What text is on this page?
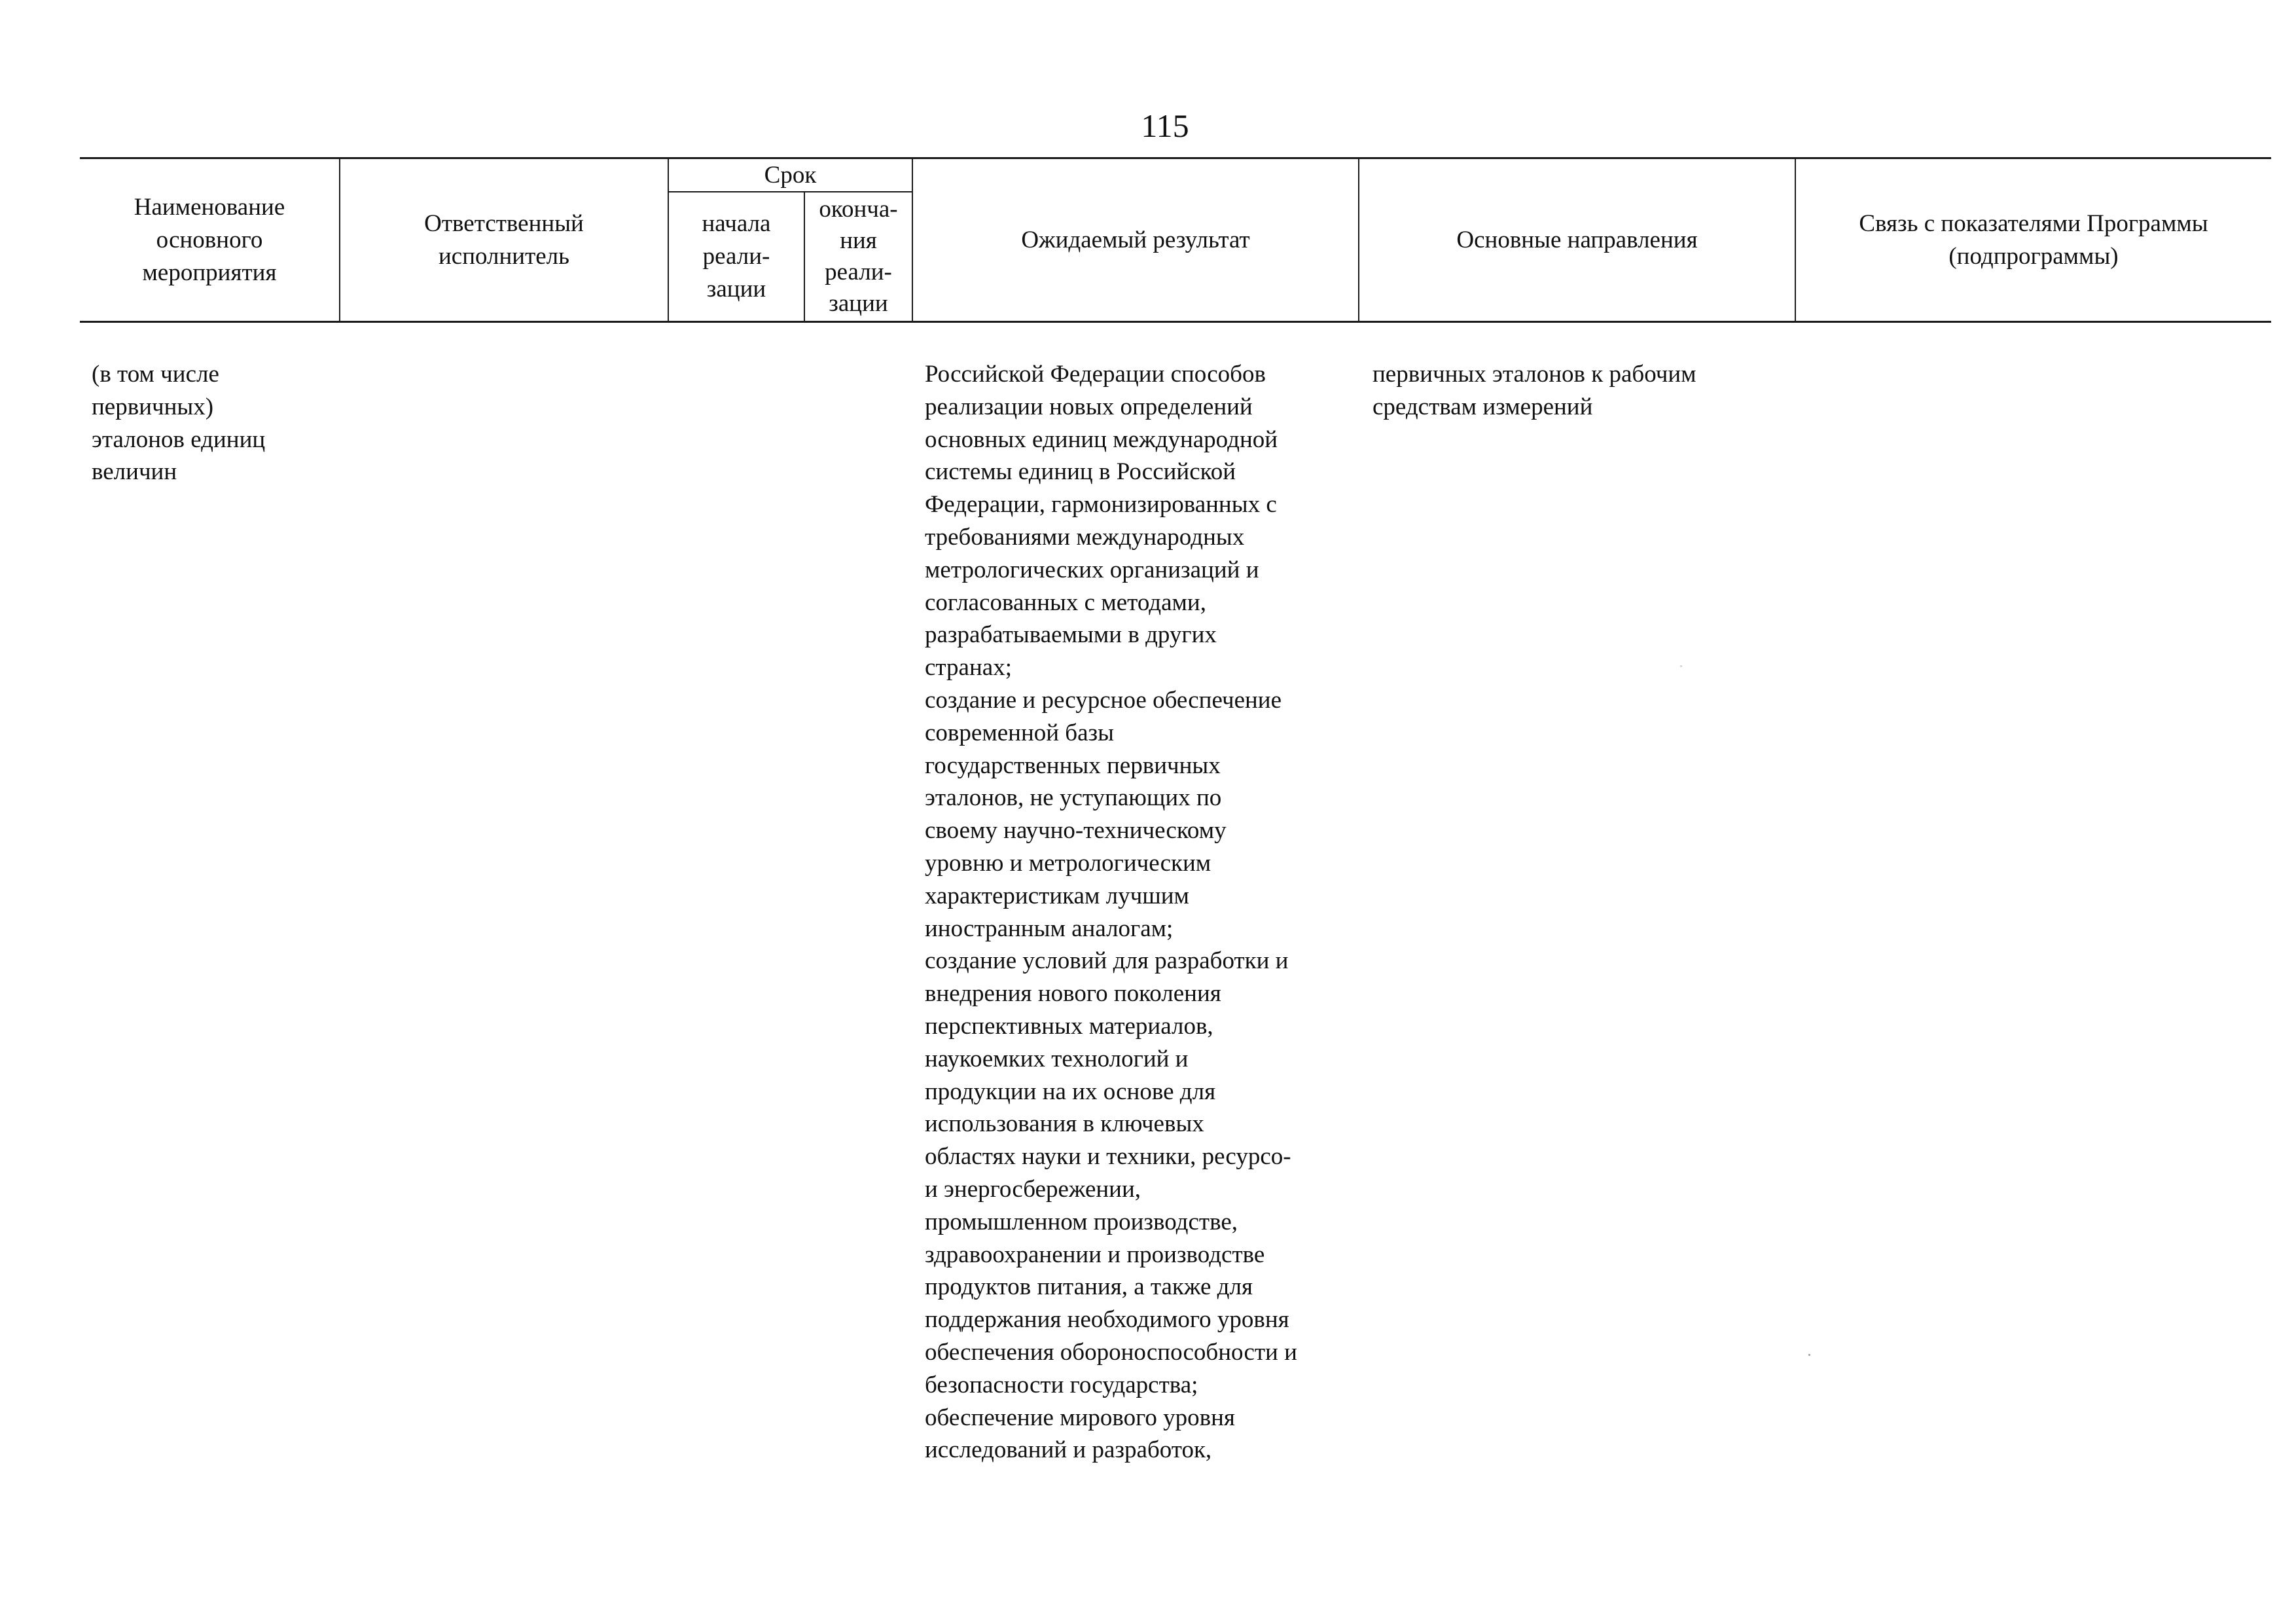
115
Наименование
основного
мероприятия
Ответственный
исполнитель
Срок
начала
реали-
зации
оконча-
ния
реали-
зации
Ожидаемый результат	Основные направления
Связь с показателями Программы
(подпрограммы)
(в том числе
первичных)
эталонов единиц
величин
Российской Федерации способов
реализации новых определений
основных единиц международной
системы единиц в Российской
Федерации, гармонизированных с
требованиями международных
метрологических организаций и
согласованных с методами,
разрабатываемыми в других
странах;
создание и ресурсное обеспечение
современной базы
государственных первичных
эталонов, не уступающих по
своему научно-техническому
уровню и метрологическим
характеристикам лучшим
иностранным аналогам;
создание условий для разработки и
внедрения нового поколения
перспективных материалов,
наукоемких технологий и
продукции на их основе для
использования в ключевых
областях науки и техники, ресурсо-
и энергосбережении,
промышленном производстве,
здравоохранении и производстве
продуктов питания, а также для
поддержания необходимого уровня
обеспечения обороноспособности и
безопасности государства;
обеспечение мирового уровня
исследований и разработок,
первичных эталонов к рабочим
средствам измерений
